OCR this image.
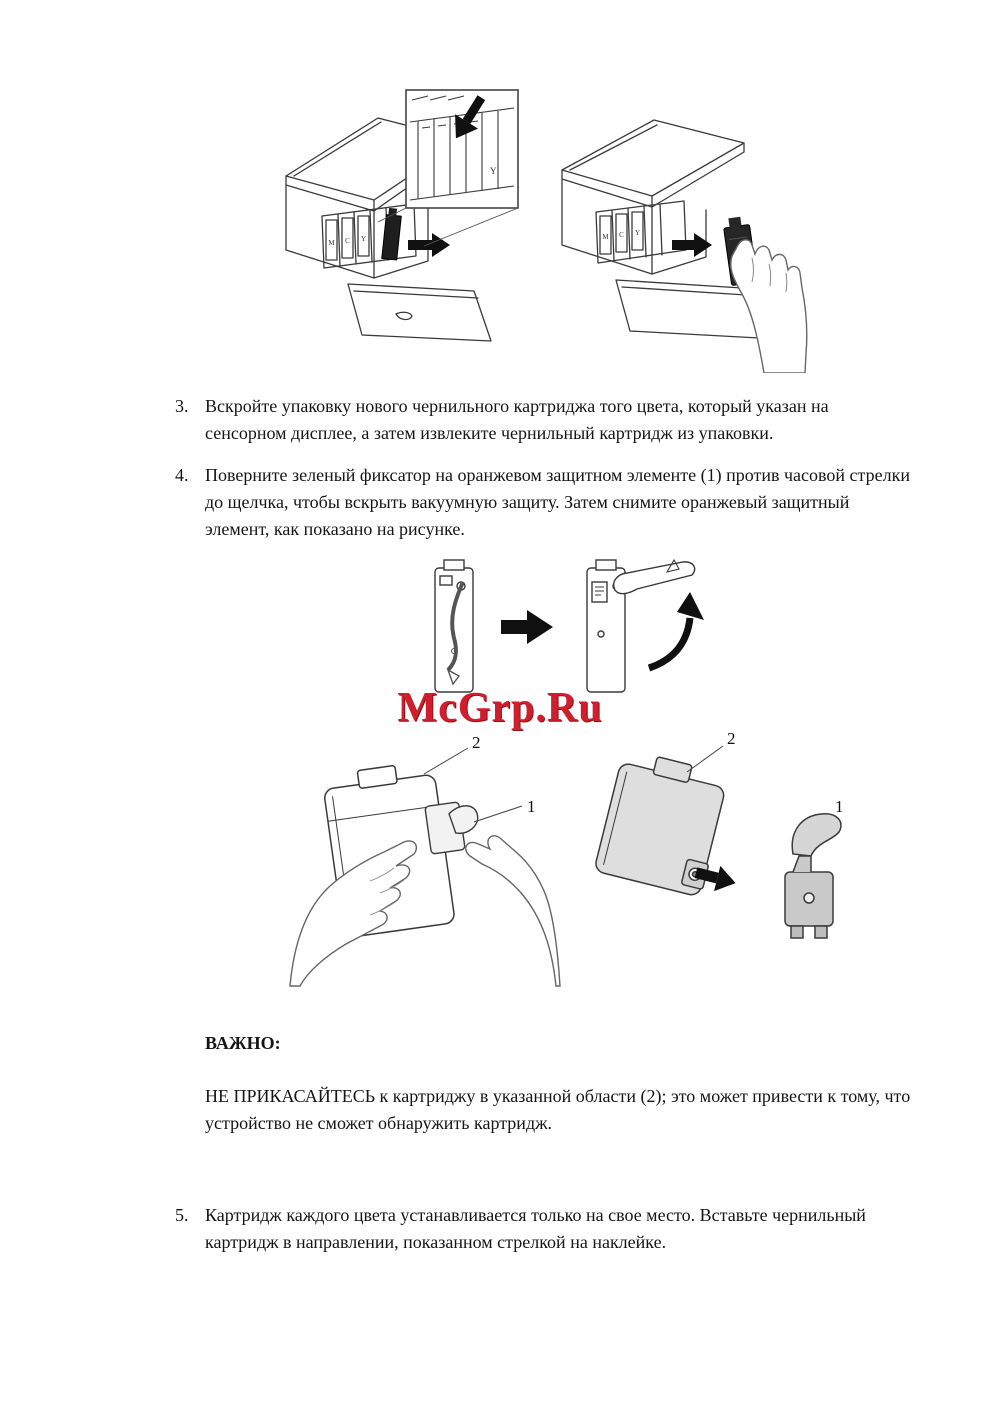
M C Y
Y
M C Y
3. Вскройте упаковку нового чернильного картриджа того цвета, который указан на сенсорном дисплее, а затем извлеките чернильный картридж из упаковки.
4. Поверните зеленый фиксатор на оранжевом защитном элементе (1) против часовой стрелки до щелчка, чтобы вскрыть вакуумную защиту. Затем снимите оранжевый защитный элемент, как показано на рисунке.
McGrp.Ru
2
1
2
1
ВАЖНО:
НЕ ПРИКАСАЙТЕСЬ к картриджу в указанной области (2); это может привести к тому, что устройство не сможет обнаружить картридж.
5. Картридж каждого цвета устанавливается только на свое место. Вставьте чернильный картридж в направлении, показанном стрелкой на наклейке.
